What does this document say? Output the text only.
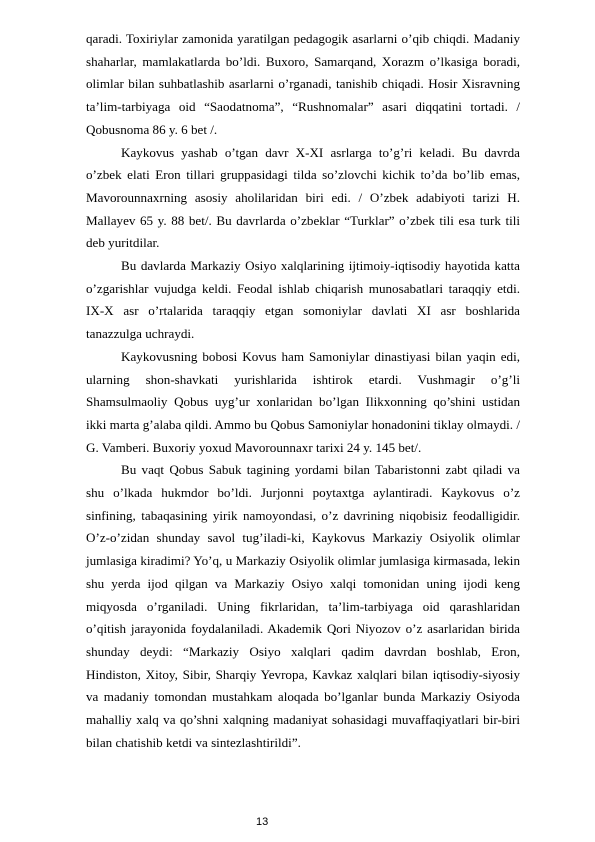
qaradi. Toxiriylar zamonida yaratilgan pedagogik asarlarni o’qib chiqdi. Madaniy shaharlar, mamlakatlarda bo’ldi. Buxoro, Samarqand, Xorazm o’lkasiga boradi, olimlar bilan suhbatlashib asarlarni o’rganadi, tanishib chiqadi. Hosir Xisravning ta’lim-tarbiyaga oid “Saodatnoma”, “Rushnomalar” asari diqqatini tortadi. / Qobusnoma 86 y. 6 bet /.

Kaykovus yashab o’tgan davr X-XI asrlarga to’g’ri keladi. Bu davrda o’zbek elati Eron tillari gruppasidagi tilda so’zlovchi kichik to’da bo’lib emas, Mavorounnaxrning asosiy aholilaridan biri edi. / O’zbek adabiyoti tarizi H. Mallayev 65 y. 88 bet/. Bu davrlarda o’zbeklar “Turklar” o’zbek tili esa turk tili deb yuritdilar.

Bu davlarda Markaziy Osiyo xalqlarining ijtimoiy-iqtisodiy hayotida katta o’zgarishlar vujudga keldi. Feodal ishlab chiqarish munosabatlari taraqqiy etdi. IX-X asr o’rtalarida taraqqiy etgan somoniylar davlati XI asr boshlarida tanazzulga uchraydi.

Kaykovusning bobosi Kovus ham Samoniylar dinastiyasi bilan yaqin edi, ularning shon-shavkati yurishlarida ishtirok etardi. Vushmagir o’g’li Shamsulmaoliy Qobus uyg’ur xonlaridan bo’lgan Ilikxonning qo’shini ustidan ikki marta g’alaba qildi. Ammo bu Qobus Samoniylar honadonini tiklay olmaydi. / G. Vamberi. Buxoriy yoxud Mavorounnaxr tarixi 24 y. 145 bet/.

Bu vaqt Qobus Sabuk tagining yordami bilan Tabaristonni zabt qiladi va shu o’lkada hukmdor bo’ldi. Jurjonni poytaxtga aylantiradi. Kaykovus o’z sinfining, tabaqasining yirik namoyondasi, o’z davrining niqobisiz feodalligidir. O’z-o’zidan shunday savol tug’iladi-ki, Kaykovus Markaziy Osiyolik olimlar jumlasiga kiradimi? Yo’q, u Markaziy Osiyolik olimlar jumlasiga kirmasada, lekin shu yerda ijod qilgan va Markaziy Osiyo xalqi tomonidan uning ijodi keng miqyosda o’rganiladi. Uning fikrlaridan, ta’lim-tarbiyaga oid qarashlaridan o’qitish jarayonida foydalaniladi. Akademik Qori Niyozov o’z asarlaridan birida shunday deydi: “Markaziy Osiyo xalqlari qadim davrdan boshlab, Eron, Hindiston, Xitoy, Sibir, Sharqiy Yevropa, Kavkaz xalqlari bilan iqtisodiy-siyosiy va madaniy tomondan mustahkam aloqada bo’lganlar bunda Markaziy Osiyoda mahalliy xalq va qo’shni xalqning madaniyat sohasidagi muvaffaqiyatlari bir-biri bilan chatishib ketdi va sintezlashtirildi”.

13
